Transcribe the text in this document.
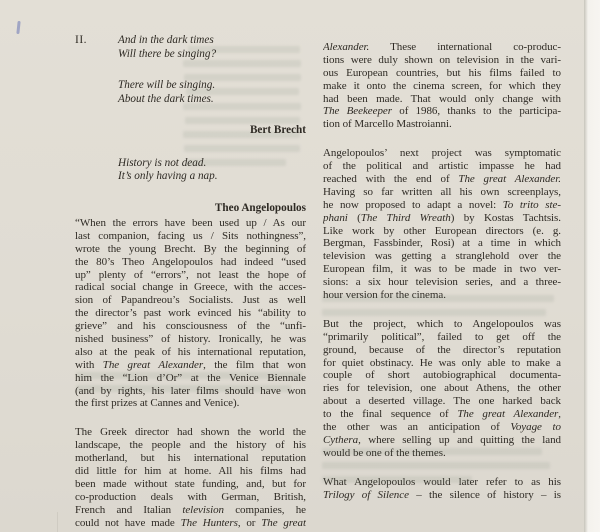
II.	And in the dark times
Will there be singing?
There will be singing.
About the dark times.
Bert Brecht
History is not dead.
It’s only having a nap.
Theo Angelopoulos
“When the errors have been used up / As our
last companion, facing us / Sits nothingness”,
wrote the young Brecht. By the beginning of
the 80’s Theo Angelopoulos had indeed “used
up” plenty of “errors”, not least the hope of
radical social change in Greece, with the acces-
sion of Papandreou’s Socialists. Just as well
the director’s past work evinced his “ability to
grieve” and his consciousness of the “unfi-
nished business” of history. Ironically, he was
also at the peak of his international reputation,
with The great Alexander, the film that won
him the “Lion d’Or” at the Venice Biennale
(and by rights, his later films should have won
the first prizes at Cannes and Venice).
The Greek director had shown the world the
landscape, the people and the history of his
motherland, but his international reputation
did little for him at home. All his films had
been made without state funding, and, but for
co-production deals with German, British,
French and Italian television companies, he
could not have made The Hunters, or The great
Alexander. These international co-produc-
tions were duly shown on television in the vari-
ous European countries, but his films failed to
make it onto the cinema screen, for which they
had been made. That would only change with
The Beekeeper of 1986, thanks to the participa-
tion of Marcello Mastroianni.
Angelopoulos’ next project was symptomatic
of the political and artistic impasse he had
reached with the end of The great Alexander.
Having so far written all his own screenplays,
he now proposed to adapt a novel: To trito ste-
phani (The Third Wreath) by Kostas Tachtsis.
Like work by other European directors (e. g.
Bergman, Fassbinder, Rosi) at a time in which
television was getting a stranglehold over the
European film, it was to be made in two ver-
sions: a six hour television series, and a three-
hour version for the cinema.
But the project, which to Angelopoulos was
“primarily political”, failed to get off the
ground, because of the director’s reputation
for quiet obstinacy. He was only able to make a
couple of short autobiographical documenta-
ries for television, one about Athens, the other
about a deserted village. The one harked back
to the final sequence of The great Alexander,
the other was an anticipation of Voyage to
Cythera, where selling up and quitting the land
would be one of the themes.
What Angelopoulos would later refer to as his
Trilogy of Silence – the silence of history – is
